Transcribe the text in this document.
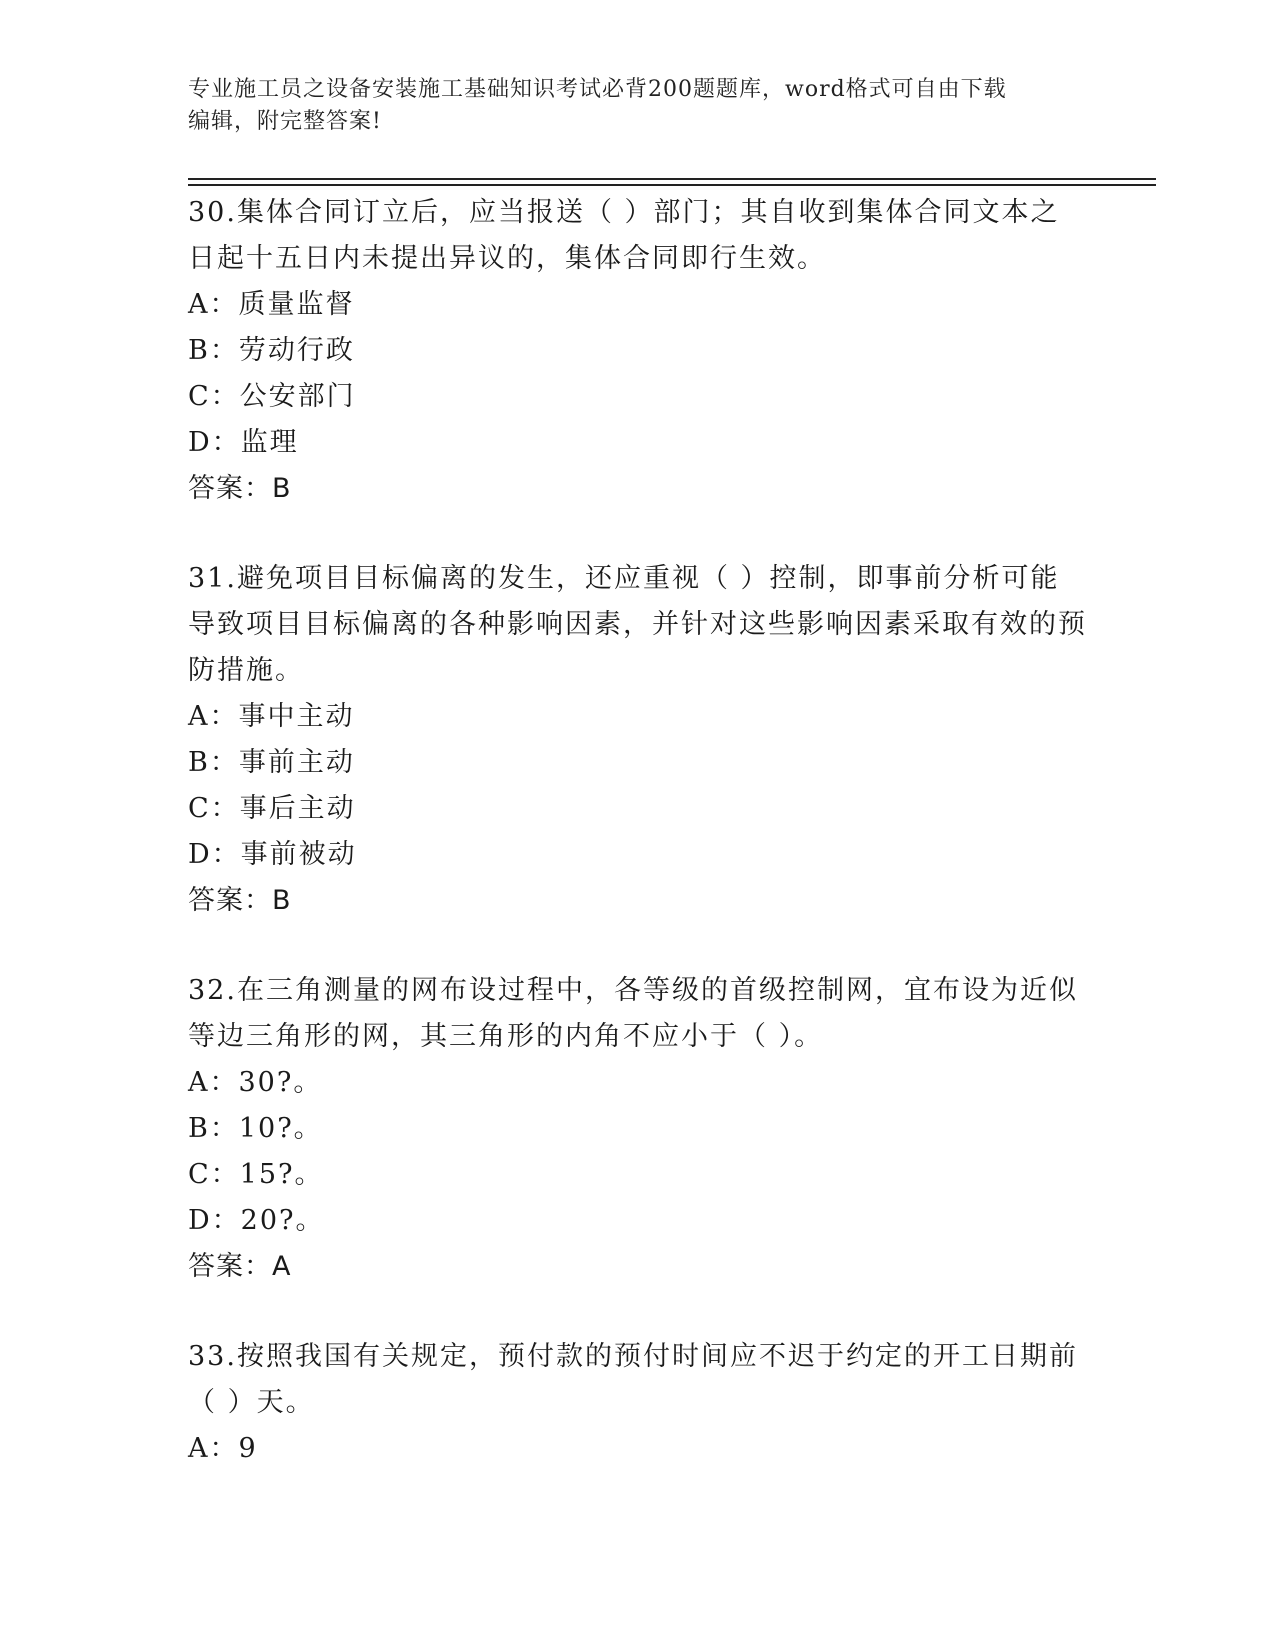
专业施工员之设备安装施工基础知识考试必背200题题库，word格式可自由下载
编辑，附完整答案!

30.集体合同订立后，应当报送（ ）部门；其自收到集体合同文本之日起十五日内未提出异议的，集体合同即行生效。

A：质量监督

B：劳动行政

C：公安部门

D：监理

答案：B

31.避免项目目标偏离的发生，还应重视（ ）控制，即事前分析可能导致项目目标偏离的各种影响因素，并针对这些影响因素采取有效的预防措施。

A：事中主动

B：事前主动

C：事后主动

D：事前被动

答案：B

32.在三角测量的网布设过程中，各等级的首级控制网，宜布设为近似等边三角形的网，其三角形的内角不应小于（ ）。

A：30?。

B：10?。

C：15?。

D：20?。

答案：A

33.按照我国有关规定，预付款的预付时间应不迟于约定的开工日期前（ ）天。

A：9
